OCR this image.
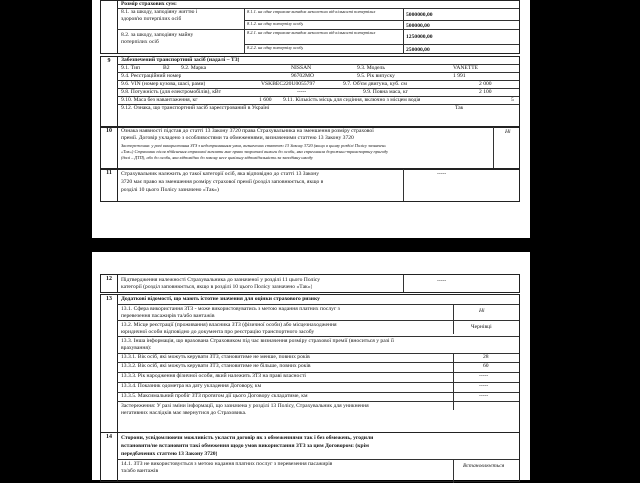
Розмір страхових сум:
8.1. за шкоду, заподіяну життю і
здоров'ю потерпілих осіб
8.1.1. на одне страхове випадок незалежно від кількості потерпілих
5000000,00
8.1.2. на одну потерпілу особу	500000,00
8.2. за шкоду, заподіяну майну
потерпілих осіб
8.2.1. на одне страхове випадок незалежно від кількості потерпілих
1250000,00
8.2.2. на одну потерпілу особу	250000,00
9	Забезпечений транспортний засіб (надалі – ТЗ)
9.1. Тип	B2 9.2. Марка	NISSAN	9.3. Модель	VANETTE
9.4. Реєстраційний номер	96702МО	9.5. Рік випуску	1 991
9.6. VIN (номер кузова, шасі, рами)	VSKBEC220U0055797	9.7. Об'єм двигуна, куб. см	2 000
9.8. Потужність (для електромобілів), кВт	-----	9.9. Повна маса, кг	2 100
9.10. Маса без навантаження, кг	1 600 9.11. Кількість місць для сидіння, включно з місцем водія	5
9.12. Ознака, що транспортний засіб зареєстрований в Україні	Так
10	Ознака наявності підстав до статті 13 Закону 3720 права Страхувальника на зменшення розміру страхової
премії. Договір укладено з особливостями та обмеженнями, визначеними статтею 13 Закону 3720
Застереження: у разі використання ЗТЗ з недотриманням умов, визначених статтею 13 Закону 3720 (якщо в цьому розділі Полісу зазначено
«Так») Страховик після здійснення страхової виплати має право зворотної вимоги до особи, яка спричинила дорожньо-транспортну пригоду
(далі – ДТП), або до особи, яка відповідно до закону несе цивільну відповідальність за заподіяну шкоду
Ні
11	Страхувальник належить до такої категорії осіб, яка відповідно до статті 13 Закону
3720 має право на зменшення розміру страхової премії (розділ заповнюється, якщо в
розділі 10 цього Полісу зазначено «Так»)
-----
12	Підтвердження належності Страхувальника до зазначеної у розділі 11 цього Полісу
категорії (розділ заповнюється, якщо в розділі 10 цього Полісу зазначено «Так»)
-----
13	Додаткові відомості, що мають істотне значення для оцінки страхового ризику
13.1. Сфера використання ЗТЗ - може використовуватись з метою надання платних послуг з
перевезення пасажирів та/або вантажів
Ні
13.2. Місце реєстрації (проживання) власника ЗТЗ (фізичної особи) або місцезнаходження
юридичної особи відповідно до документа про реєстрацію транспортного засобу
Чернівці
13.3. Інша інформація, що врахована Страховиком під час визначення розміру страхової премії (вноситься у разі її
врахування):
13.3.1. Вік осіб, які можуть керувати ЗТЗ, становитиме не менше, повних років	28
13.3.2. Вік осіб, які можуть керувати ЗТЗ, становитиме не більше, повних років	60
13.3.3. Рік народження фізичної особи, який належить ЗТЗ на праві власності	-----
13.3.4. Показник одометра на дату укладення Договору, км	-----
13.3.5. Максимальний пробіг ЗТЗ протягом дії цього Договору складатиме, км	-----
Застереження: У разі зміни інформації, що зазначена у розділі 13 Полісу, Страхувальник для уникнення
негативних наслідків має звернутися до Страховика.
14	Сторони, усвідомлюючи можливість укласти договір як з обмеженнями так і без обмежень, угодили
встановити/не встановити такі обмеження щодо умов використання ЗТЗ за цим Договором: (крім
передбачених статтею 13 Закону 3720)
14.1. ЗТЗ не використовується з метою надання платних послуг з перевезення пасажирів
та/або вантажів
Встановлюється
